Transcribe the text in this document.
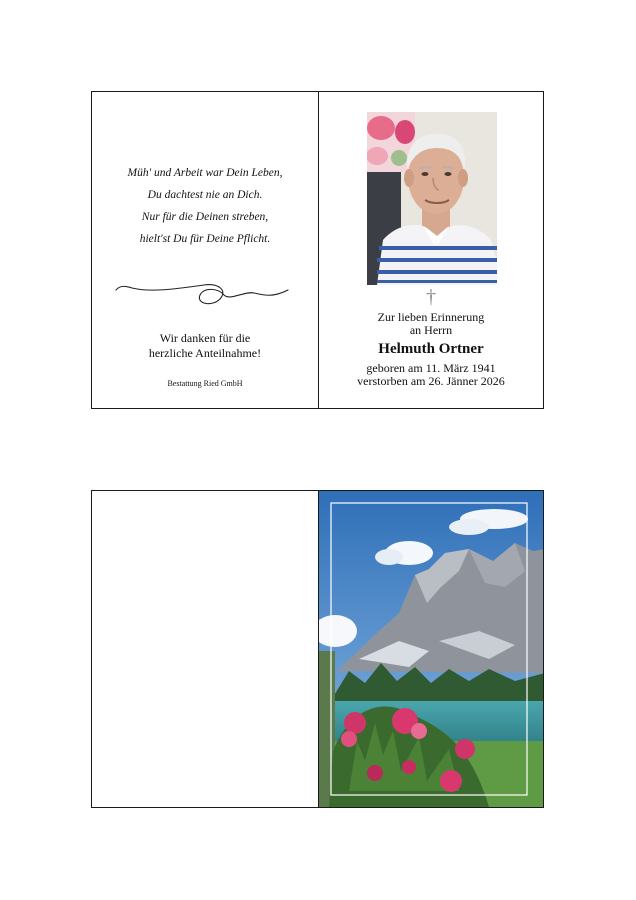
Müh' und Arbeit war Dein Leben,
Du dachtest nie an Dich.
Nur für die Deinen streben,
hielt'st Du für Deine Pflicht.
Wir danken für die
herzliche Anteilnahme!
Bestattung Ried GmbH
†
Zur lieben Erinnerung
an Herrn
Helmuth Ortner
geboren am 11. März 1941
verstorben am 26. Jänner 2026
